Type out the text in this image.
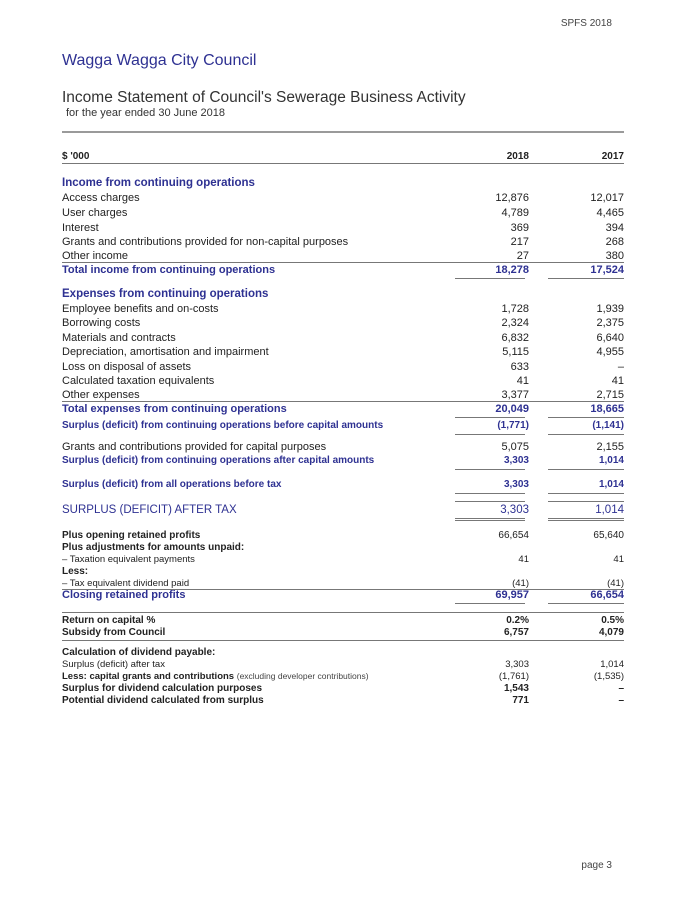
SPFS 2018
Wagga Wagga City Council
Income Statement of Council's Sewerage Business Activity
for the year ended 30 June 2018
$ '000	2018	2017
Income from continuing operations
Access charges	12,876	12,017
User charges	4,789	4,465
Interest	369	394
Grants and contributions provided for non-capital purposes	217	268
Other income	27	380
Total income from continuing operations	18,278	17,524
Expenses from continuing operations
Employee benefits and on-costs	1,728	1,939
Borrowing costs	2,324	2,375
Materials and contracts	6,832	6,640
Depreciation, amortisation and impairment	5,115	4,955
Loss on disposal of assets	633	–
Calculated taxation equivalents	41	41
Other expenses	3,377	2,715
Total expenses from continuing operations	20,049	18,665
Surplus (deficit) from continuing operations before capital amounts	(1,771)	(1,141)
Grants and contributions provided for capital purposes	5,075	2,155
Surplus (deficit) from continuing operations after capital amounts	3,303	1,014
Surplus (deficit) from all operations before tax	3,303	1,014
SURPLUS (DEFICIT) AFTER TAX	3,303	1,014
Plus opening retained profits	66,654	65,640
Plus adjustments for amounts unpaid:
– Taxation equivalent payments	41	41
Less:
– Tax equivalent dividend paid	(41)	(41)
Closing retained profits	69,957	66,654
Return on capital %	0.2%	0.5%
Subsidy from Council	6,757	4,079
Calculation of dividend payable:
Surplus (deficit) after tax	3,303	1,014
Less: capital grants and contributions (excluding developer contributions)	(1,761)	(1,535)
Surplus for dividend calculation purposes	1,543	–
Potential dividend calculated from surplus	771	–
page 3
